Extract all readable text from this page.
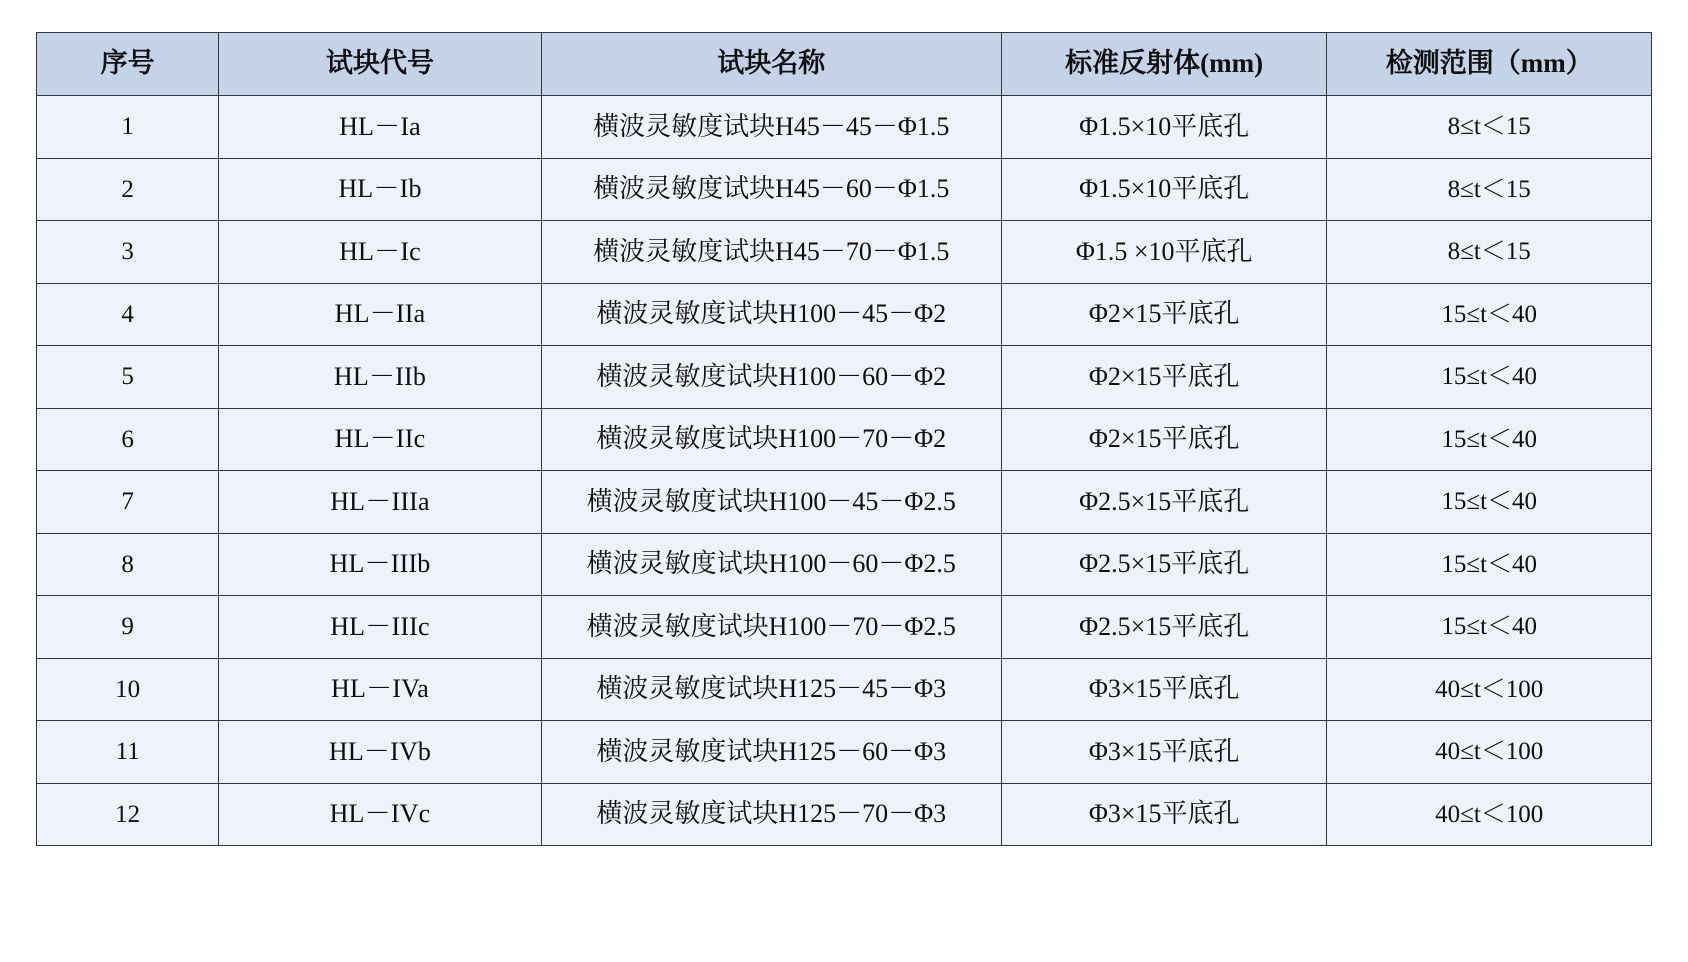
序号	试块代号	试块名称	标准反射体(mm)	检测范围（mm）
1	HL－Ia	横波灵敏度试块H45－45－Φ1.5	Φ1.5×10平底孔	8≤t＜15
2	HL－Ib	横波灵敏度试块H45－60－Φ1.5	Φ1.5×10平底孔	8≤t＜15
3	HL－Ic	横波灵敏度试块H45－70－Φ1.5	Φ1.5 ×10平底孔	8≤t＜15
4	HL－IIa	横波灵敏度试块H100－45－Φ2	Φ2×15平底孔	15≤t＜40
5	HL－IIb	横波灵敏度试块H100－60－Φ2	Φ2×15平底孔	15≤t＜40
6	HL－IIc	横波灵敏度试块H100－70－Φ2	Φ2×15平底孔	15≤t＜40
7	HL－IIIa	横波灵敏度试块H100－45－Φ2.5	Φ2.5×15平底孔	15≤t＜40
8	HL－IIIb	横波灵敏度试块H100－60－Φ2.5	Φ2.5×15平底孔	15≤t＜40
9	HL－IIIc	横波灵敏度试块H100－70－Φ2.5	Φ2.5×15平底孔	15≤t＜40
10	HL－IVa	横波灵敏度试块H125－45－Φ3	Φ3×15平底孔	40≤t＜100
11	HL－IVb	横波灵敏度试块H125－60－Φ3	Φ3×15平底孔	40≤t＜100
12	HL－IVc	横波灵敏度试块H125－70－Φ3	Φ3×15平底孔	40≤t＜100
